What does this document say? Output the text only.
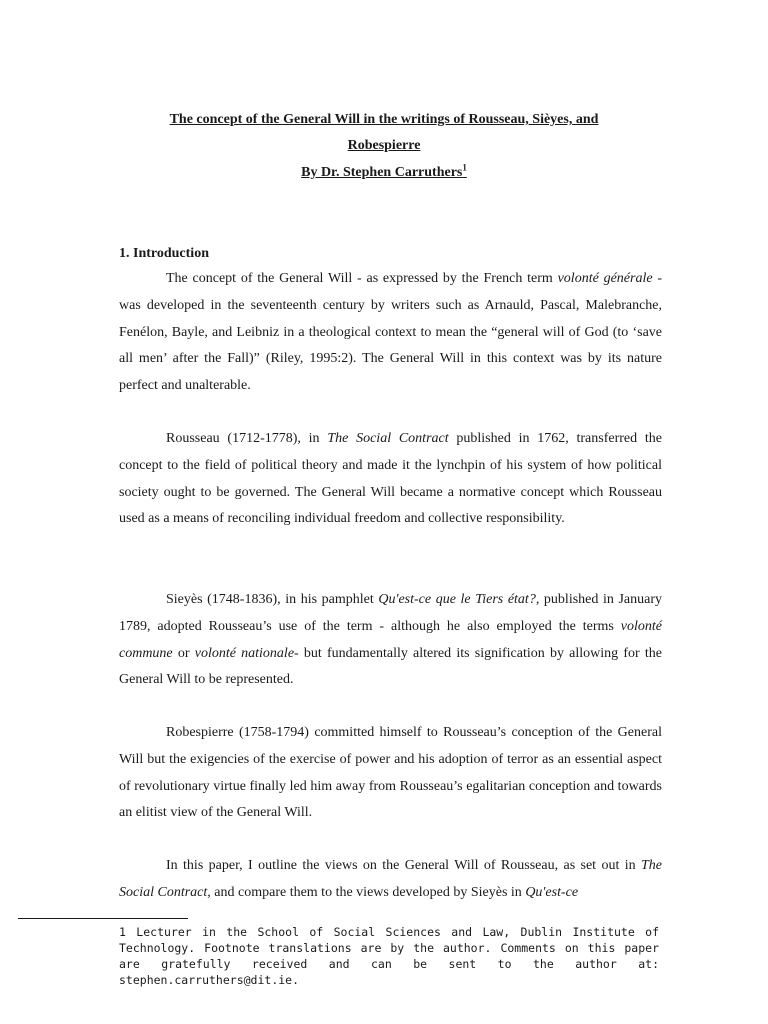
The concept of the General Will in the writings of Rousseau, Sièyes, and
Robespierre
By Dr. Stephen Carruthers$^1$
1. Introduction

The concept of the General Will - as expressed by the French term volonté générale - was developed in the seventeenth century by writers such as Arnauld, Pascal, Malebranche, Fenélon, Bayle, and Leibniz in a theological context to mean the “general will of God (to ‘save all men’ after the Fall)” (Riley, 1995:2). The General Will in this context was by its nature perfect and unalterable.

Rousseau (1712-1778), in The Social Contract published in 1762, transferred the concept to the field of political theory and made it the lynchpin of his system of how political society ought to be governed. The General Will became a normative concept which Rousseau used as a means of reconciling individual freedom and collective responsibility.

Sieyès (1748-1836), in his pamphlet Qu'est-ce que le Tiers état?, published in January 1789, adopted Rousseau’s use of the term - although he also employed the terms volonté commune or volonté nationale- but fundamentally altered its signification by allowing for the General Will to be represented.

Robespierre (1758-1794) committed himself to Rousseau’s conception of the General Will but the exigencies of the exercise of power and his adoption of terror as an essential aspect of revolutionary virtue finally led him away from Rousseau’s egalitarian conception and towards an elitist view of the General Will.

In this paper, I outline the views on the General Will of Rousseau, as set out in The Social Contract, and compare them to the views developed by Sieyès in Qu'est-ce

1 Lecturer in the School of Social Sciences and Law, Dublin Institute of Technology. Footnote translations are by the author. Comments on this paper are gratefully received and can be sent to the author at: stephen.carruthers@dit.ie.
